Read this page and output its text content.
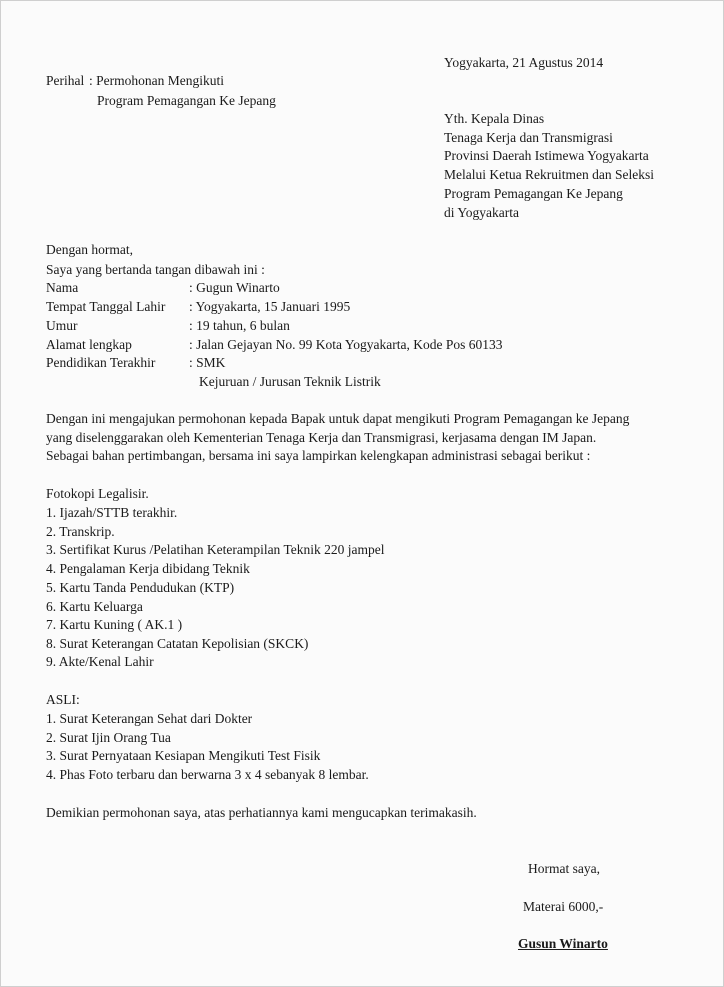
Yogyakarta, 21 Agustus 2014
Perihal : Permohonan Mengikuti
Program Pemagangan Ke Jepang
Yth. Kepala Dinas
Tenaga Kerja dan Transmigrasi
Provinsi Daerah Istimewa Yogyakarta
Melalui Ketua Rekruitmen dan Seleksi
Program Pemagangan Ke Jepang
di Yogyakarta
Dengan hormat,
Saya yang bertanda tangan dibawah ini :
Nama	: Gugun Winarto
Tempat Tanggal Lahir : Yogyakarta, 15 Januari 1995
Umur	: 19 tahun, 6 bulan
Alamat lengkap	: Jalan Gejayan No. 99 Kota Yogyakarta, Kode Pos 60133
Pendidikan Terakhir : SMK
Kejuruan / Jurusan Teknik Listrik
Dengan ini mengajukan permohonan kepada Bapak untuk dapat mengikuti Program Pemagangan ke Jepang
yang diselenggarakan oleh Kementerian Tenaga Kerja dan Transmigrasi, kerjasama dengan IM Japan.
Sebagai bahan pertimbangan, bersama ini saya lampirkan kelengkapan administrasi sebagai berikut :
Fotokopi Legalisir.
1. Ijazah/STTB terakhir.
2. Transkrip.
3. Sertifikat Kurus /Pelatihan Keterampilan Teknik 220 jampel
4. Pengalaman Kerja dibidang Teknik
5. Kartu Tanda Pendudukan (KTP)
6. Kartu Keluarga
7. Kartu Kuning ( AK.1 )
8. Surat Keterangan Catatan Kepolisian (SKCK)
9. Akte/Kenal Lahir
ASLI:
1. Surat Keterangan Sehat dari Dokter
2. Surat Ijin Orang Tua
3. Surat Pernyataan Kesiapan Mengikuti Test Fisik
4. Phas Foto terbaru dan berwarna 3 x 4 sebanyak 8 lembar.
Demikian permohonan saya, atas perhatiannya kami mengucapkan terimakasih.
Hormat saya,
Materai 6000,-
Gusun Winarto
